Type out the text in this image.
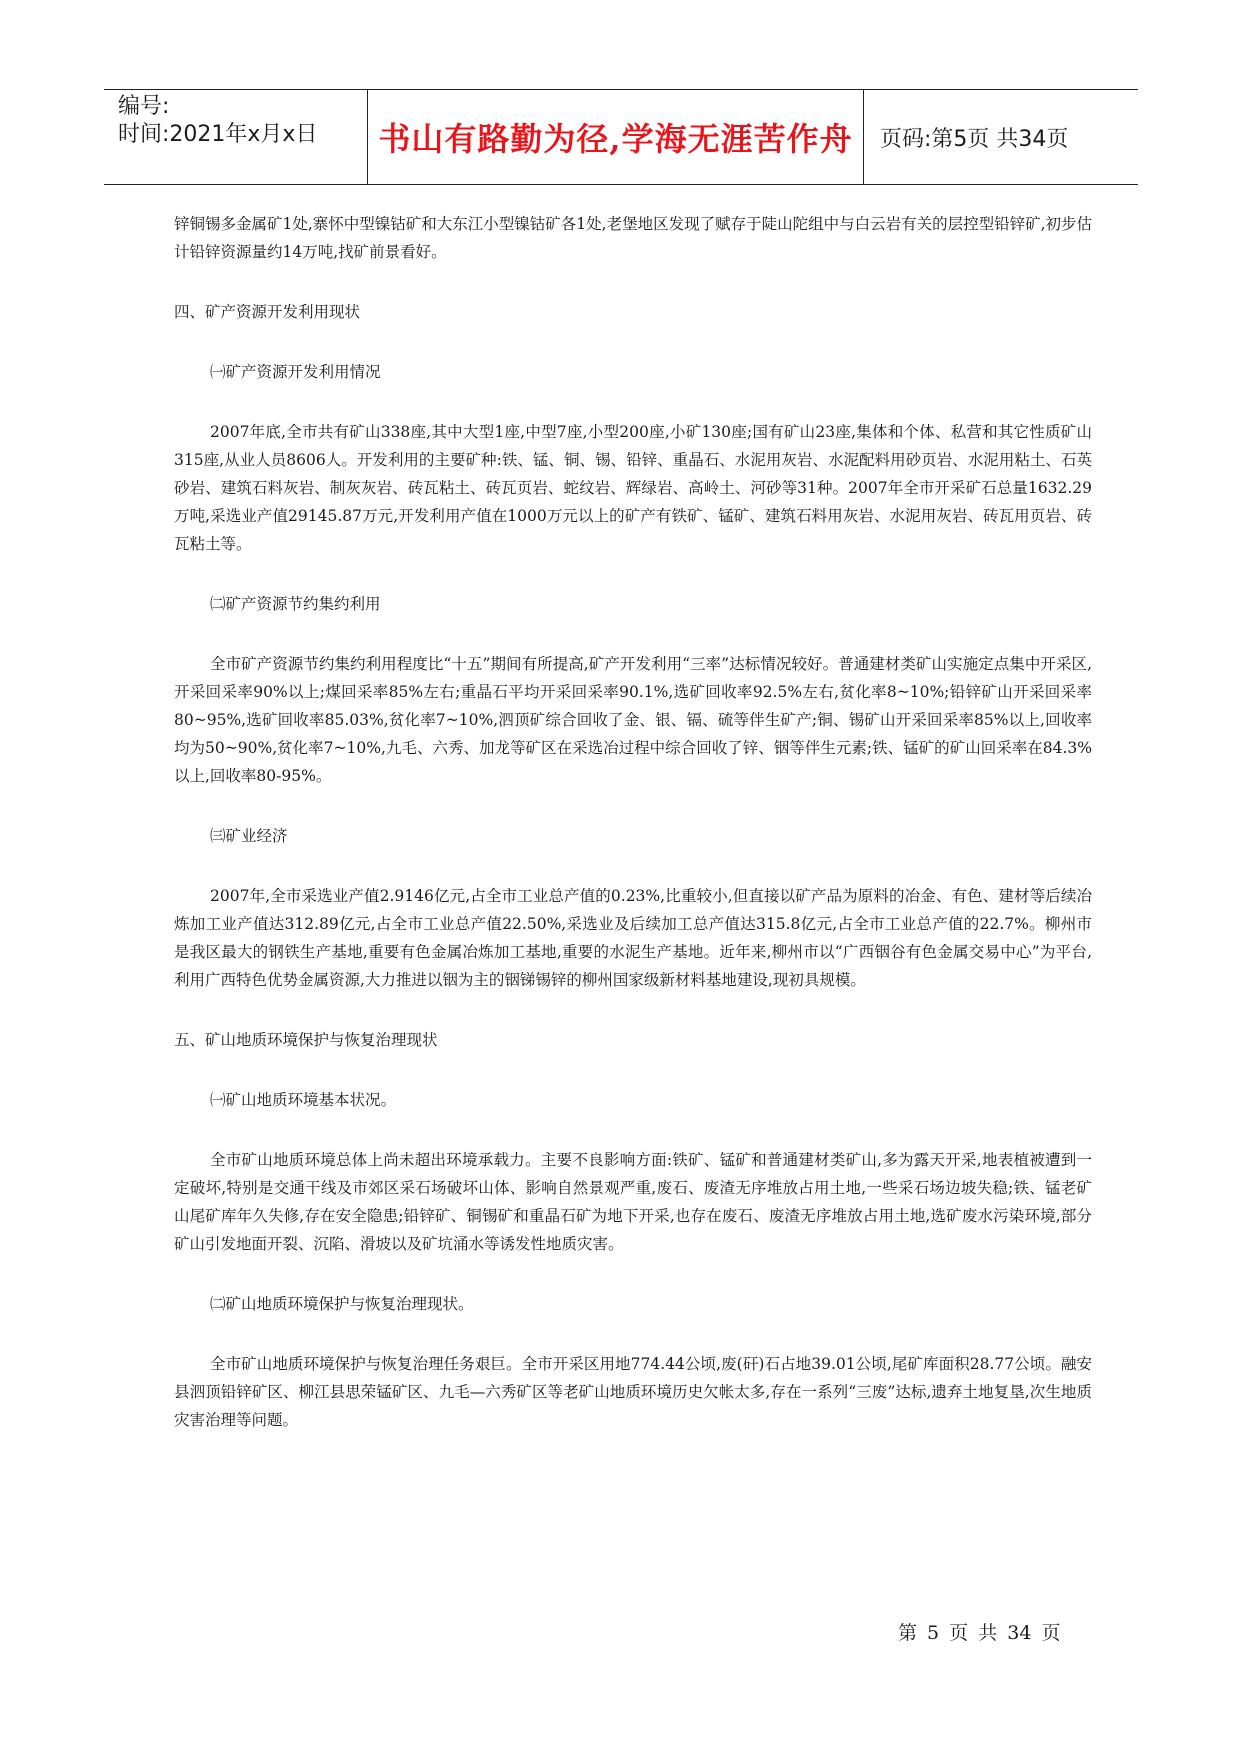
编号:
时间:2021年x月x日	书山有路勤为径,学海无涯苦作舟 页码:第5页 共34页

锌铜锡多金属矿1处,寨怀中型镍钴矿和大东江小型镍钴矿各1处,老堡地区发现了赋存于陡山陀组中与白云岩有关的层控型铅锌矿,初步估计铅锌资源量约14万吨,找矿前景看好。

四、矿产资源开发利用现状

㈠矿产资源开发利用情况

2007年底,全市共有矿山338座,其中大型1座,中型7座,小型200座,小矿130座;国有矿山23座,集体和个体、私营和其它性质矿山315座,从业人员8606人。开发利用的主要矿种:铁、锰、铜、锡、铅锌、重晶石、水泥用灰岩、水泥配料用砂页岩、水泥用粘土、石英砂岩、建筑石料灰岩、制灰灰岩、砖瓦粘土、砖瓦页岩、蛇纹岩、辉绿岩、高岭土、河砂等31种。2007年全市开采矿石总量1632.29万吨,采选业产值29145.87万元,开发利用产值在1000万元以上的矿产有铁矿、锰矿、建筑石料用灰岩、水泥用灰岩、砖瓦用页岩、砖瓦粘土等。

㈡矿产资源节约集约利用

全市矿产资源节约集约利用程度比“十五”期间有所提高,矿产开发利用“三率”达标情况较好。普通建材类矿山实施定点集中开采区,开采回采率90%以上;煤回采率85%左右;重晶石平均开采回采率90.1%,选矿回收率92.5%左右,贫化率8~10%;铅锌矿山开采回采率80~95%,选矿回收率85.03%,贫化率7~10%,泗顶矿综合回收了金、银、镉、硫等伴生矿产;铜、锡矿山开采回采率85%以上,回收率均为50~90%,贫化率7~10%,九毛、六秀、加龙等矿区在采选冶过程中综合回收了锌、铟等伴生元素;铁、锰矿的矿山回采率在84.3%以上,回收率80-95%。

㈢矿业经济

2007年,全市采选业产值2.9146亿元,占全市工业总产值的0.23%,比重较小,但直接以矿产品为原料的冶金、有色、建材等后续冶炼加工业产值达312.89亿元,占全市工业总产值22.50%,采选业及后续加工总产值达315.8亿元,占全市工业总产值的22.7%。柳州市是我区最大的钢铁生产基地,重要有色金属冶炼加工基地,重要的水泥生产基地。近年来,柳州市以“广西铟谷有色金属交易中心”为平台,利用广西特色优势金属资源,大力推进以铟为主的铟锑锡锌的柳州国家级新材料基地建设,现初具规模。

五、矿山地质环境保护与恢复治理现状

㈠矿山地质环境基本状况。

全市矿山地质环境总体上尚未超出环境承载力。主要不良影响方面:铁矿、锰矿和普通建材类矿山,多为露天开采,地表植被遭到一定破坏,特别是交通干线及市郊区采石场破坏山体、影响自然景观严重,废石、废渣无序堆放占用土地,一些采石场边坡失稳;铁、锰老矿山尾矿库年久失修,存在安全隐患;铅锌矿、铜锡矿和重晶石矿为地下开采,也存在废石、废渣无序堆放占用土地,选矿废水污染环境,部分矿山引发地面开裂、沉陷、滑坡以及矿坑涌水等诱发性地质灾害。

㈡矿山地质环境保护与恢复治理现状。

全市矿山地质环境保护与恢复治理任务艰巨。全市开采区用地774.44公顷,废(矸)石占地39.01公顷,尾矿库面积28.77公顷。融安县泗顶铅锌矿区、柳江县思荣锰矿区、九毛—六秀矿区等老矿山地质环境历史欠帐太多,存在一系列“三废”达标,遗弃土地复垦,次生地质灾害治理等问题。

第 5 页 共 34 页
